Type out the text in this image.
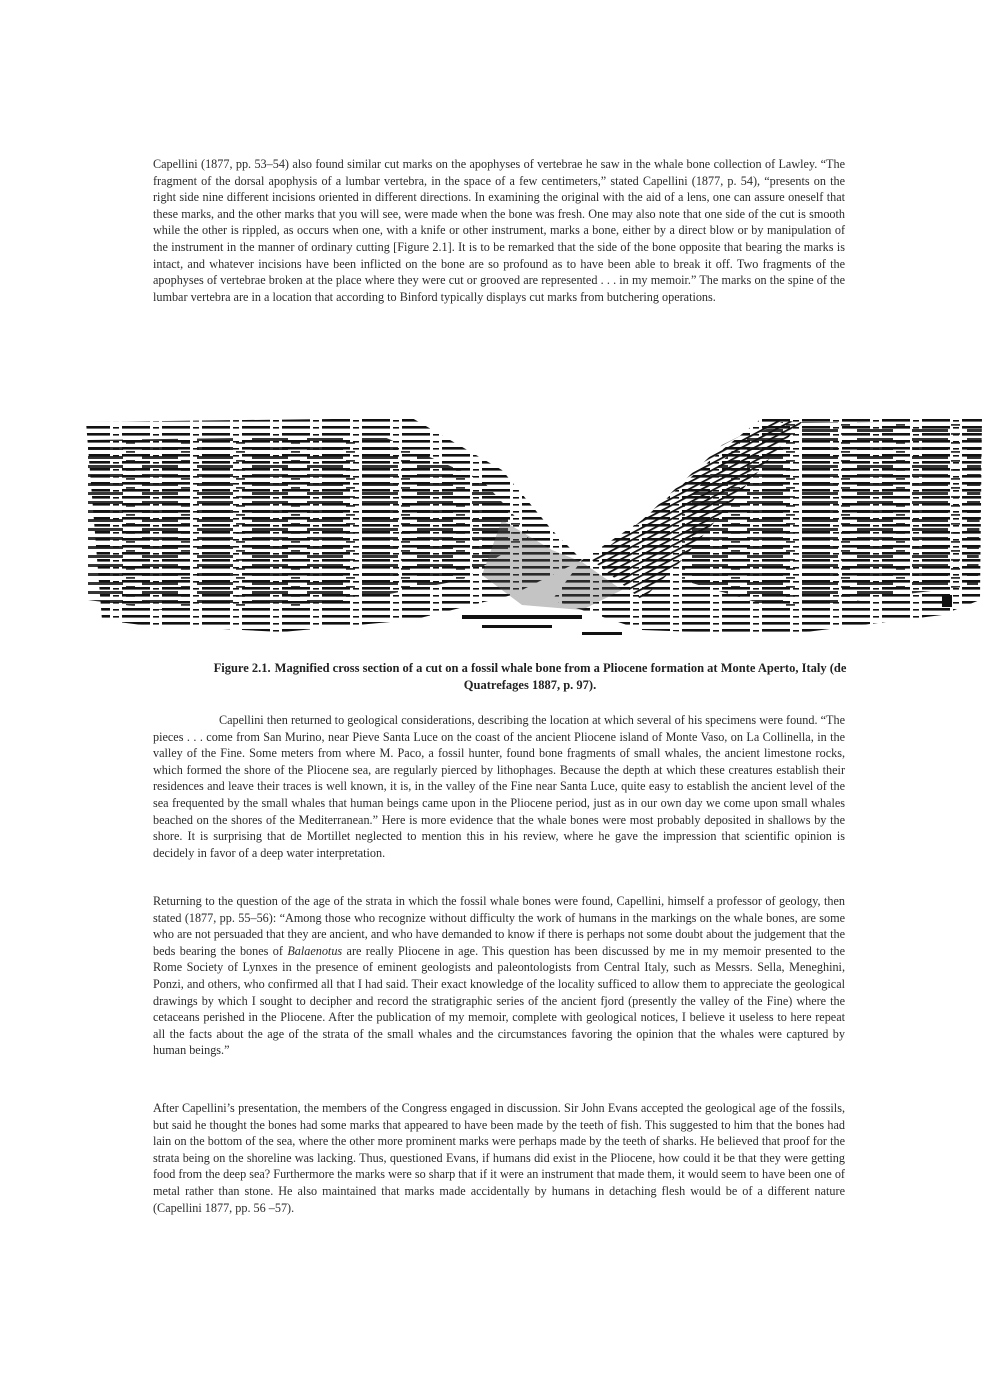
Capellini (1877, pp. 53–54) also found similar cut marks on the apophyses of vertebrae he saw in the whale bone collection of Lawley. “The fragment of the dorsal apophysis of a lumbar vertebra, in the space of a few centimeters,” stated Capellini (1877, p. 54), “presents on the right side nine different incisions oriented in different directions. In examining the original with the aid of a lens, one can assure oneself that these marks, and the other marks that you will see, were made when the bone was fresh. One may also note that one side of the cut is smooth while the other is rippled, as occurs when one, with a knife or other instrument, marks a bone, either by a direct blow or by manipulation of the instrument in the manner of ordinary cutting [Figure 2.1]. It is to be remarked that the side of the bone opposite that bearing the marks is intact, and whatever incisions have been inflicted on the bone are so profound as to have been able to break it off. Two fragments of the apophyses of vertebrae broken at the place where they were cut or grooved are represented . . . in my memoir.” The marks on the spine of the lumbar vertebra are in a location that according to Binford typically displays cut marks from butchering operations.

Figure 2.1. Magnified cross section of a cut on a fossil whale bone from a Pliocene formation at Monte Aperto, Italy (de Quatrefages 1887, p. 97).

Capellini then returned to geological considerations, describing the location at which several of his specimens were found. “The pieces . . . come from San Murino, near Pieve Santa Luce on the coast of the ancient Pliocene island of Monte Vaso, on La Collinella, in the valley of the Fine. Some meters from where M. Paco, a fossil hunter, found bone fragments of small whales, the ancient limestone rocks, which formed the shore of the Pliocene sea, are regularly pierced by lithophages. Because the depth at which these creatures establish their residences and leave their traces is well known, it is, in the valley of the Fine near Santa Luce, quite easy to establish the ancient level of the sea frequented by the small whales that human beings came upon in the Pliocene period, just as in our own day we come upon small whales beached on the shores of the Mediterranean.” Here is more evidence that the whale bones were most probably deposited in shallows by the shore. It is surprising that de Mortillet neglected to mention this in his review, where he gave the impression that scientific opinion is decidely in favor of a deep water interpretation.

Returning to the question of the age of the strata in which the fossil whale bones were found, Capellini, himself a professor of geology, then stated (1877, pp. 55–56): “Among those who recognize without difficulty the work of humans in the markings on the whale bones, are some who are not persuaded that they are ancient, and who have demanded to know if there is perhaps not some doubt about the judgement that the beds bearing the bones of Balaenotus are really Pliocene in age. This question has been discussed by me in my memoir presented to the Rome Society of Lynxes in the presence of eminent geologists and paleontologists from Central Italy, such as Messrs. Sella, Meneghini, Ponzi, and others, who confirmed all that I had said. Their exact knowledge of the locality sufficed to allow them to appreciate the geological drawings by which I sought to decipher and record the stratigraphic series of the ancient fjord (presently the valley of the Fine) where the cetaceans perished in the Pliocene. After the publication of my memoir, complete with geological notices, I believe it useless to here repeat all the facts about the age of the strata of the small whales and the circumstances favoring the opinion that the whales were captured by human beings.”

After Capellini’s presentation, the members of the Congress engaged in discussion. Sir John Evans accepted the geological age of the fossils, but said he thought the bones had some marks that appeared to have been made by the teeth of fish. This suggested to him that the bones had lain on the bottom of the sea, where the other more prominent marks were perhaps made by the teeth of sharks. He believed that proof for the strata being on the shoreline was lacking. Thus, questioned Evans, if humans did exist in the Pliocene, how could it be that they were getting food from the deep sea? Furthermore the marks were so sharp that if it were an instrument that made them, it would seem to have been one of metal rather than stone. He also maintained that marks made accidentally by humans in detaching flesh would be of a different nature (Capellini 1877, pp. 56 –57).
